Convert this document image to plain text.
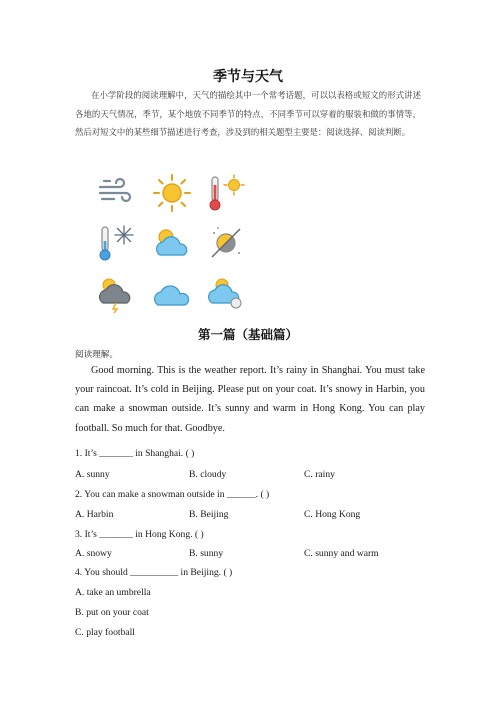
季节与天气
在小学阶段的阅读理解中，天气的描绘其中一个常考话题，可以以表格或短文的形式讲述各地的天气情况，季节，某个地放不同季节的特点，不同季节可以穿着的服装和做的事情等，然后对短文中的某些细节描述进行考查，涉及到的相关题型主要是：阅读选择、阅读判断。
第一篇（基础篇）
阅读理解。
Good morning. This is the weather report. It’s rainy in Shanghai. You must take your raincoat. It’s cold in Beijing. Please put on your coat. It’s snowy in Harbin, you can make a snowman outside. It’s sunny and warm in Hong Kong. You can play football. So much for that. Goodbye.
1. It’s _______ in Shanghai. ( )
A. sunny	B. cloudy	C. rainy
2. You can make a snowman outside in ______. ( )
A. Harbin	B. Beijing	C. Hong Kong
3. It’s _______ in Hong Kong. ( )
A. snowy	B. sunny	C. sunny and warm
4. You should __________ in Beijing. ( )
A. take an umbrella
B. put on your coat
C. play football
